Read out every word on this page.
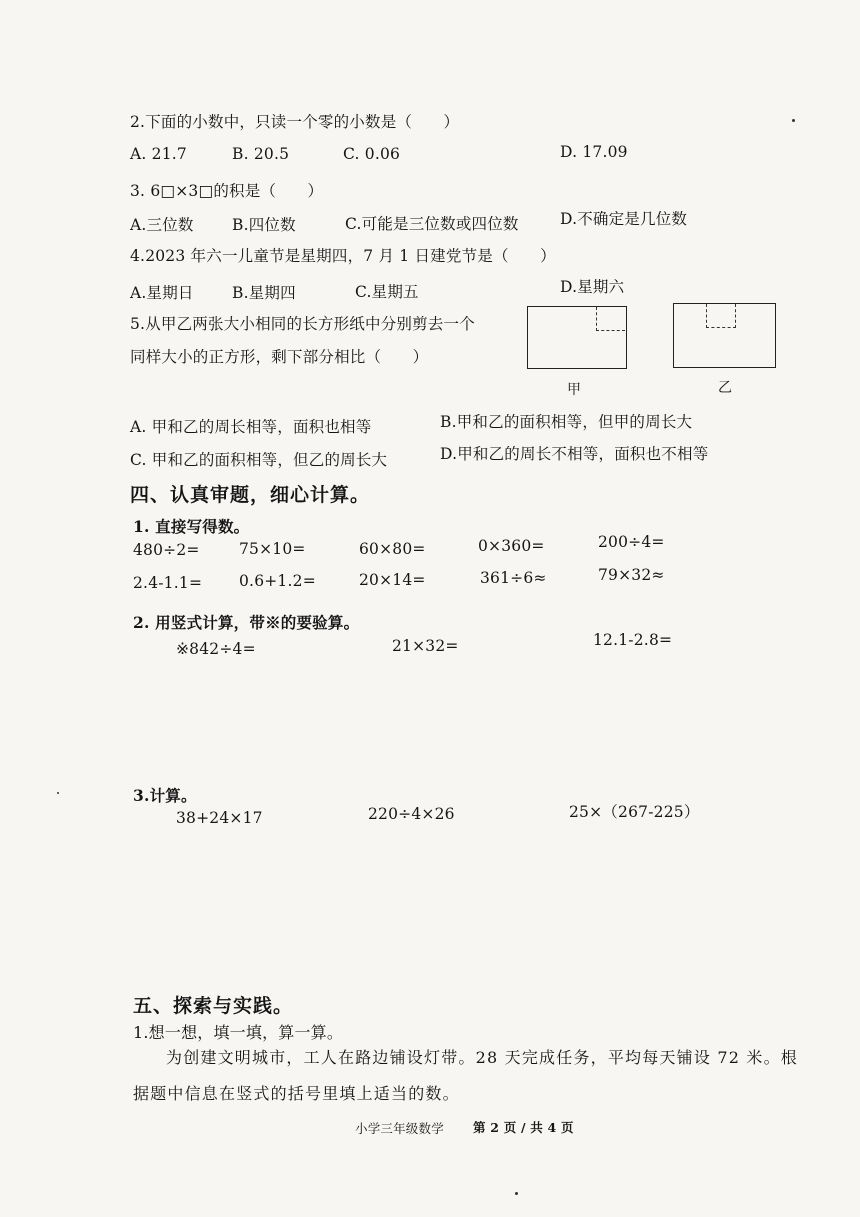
2.下面的小数中，只读一个零的小数是（　　）
A. 21.7	B. 20.5	C. 0.06	D. 17.09
3. 6□×3□的积是（　　）
A.三位数 B.四位数	C.可能是三位数或四位数	D.不确定是几位数
4.2023 年六一儿童节是星期四，7 月 1 日建党节是（　　）
A.星期日 B.星期四	C.星期五	D.星期六
5.从甲乙两张大小相同的长方形纸中分别剪去一个
同样大小的正方形，剩下部分相比（　　）
甲	乙
A. 甲和乙的周长相等，面积也相等	B.甲和乙的面积相等，但甲的周长大
C. 甲和乙的面积相等，但乙的周长大	D.甲和乙的周长不相等，面积也不相等
四、认真审题，细心计算。
1. 直接写得数。
480÷2=	75×10=	60×80=	0×360=	200÷4=
2.4-1.1= 0.6+1.2=	20×14=	361÷6≈	79×32≈
2. 用竖式计算，带※的要验算。
※842÷4=	21×32=	12.1-2.8=
3.计算。
38+24×17	220÷4×26	25×（267-225）
五、探索与实践。
1.想一想，填一填，算一算。
为创建文明城市，工人在路边铺设灯带。28 天完成任务，平均每天铺设 72 米。根
据题中信息在竖式的括号里填上适当的数。
小学三年级数学 第 2 页 / 共 4 页
